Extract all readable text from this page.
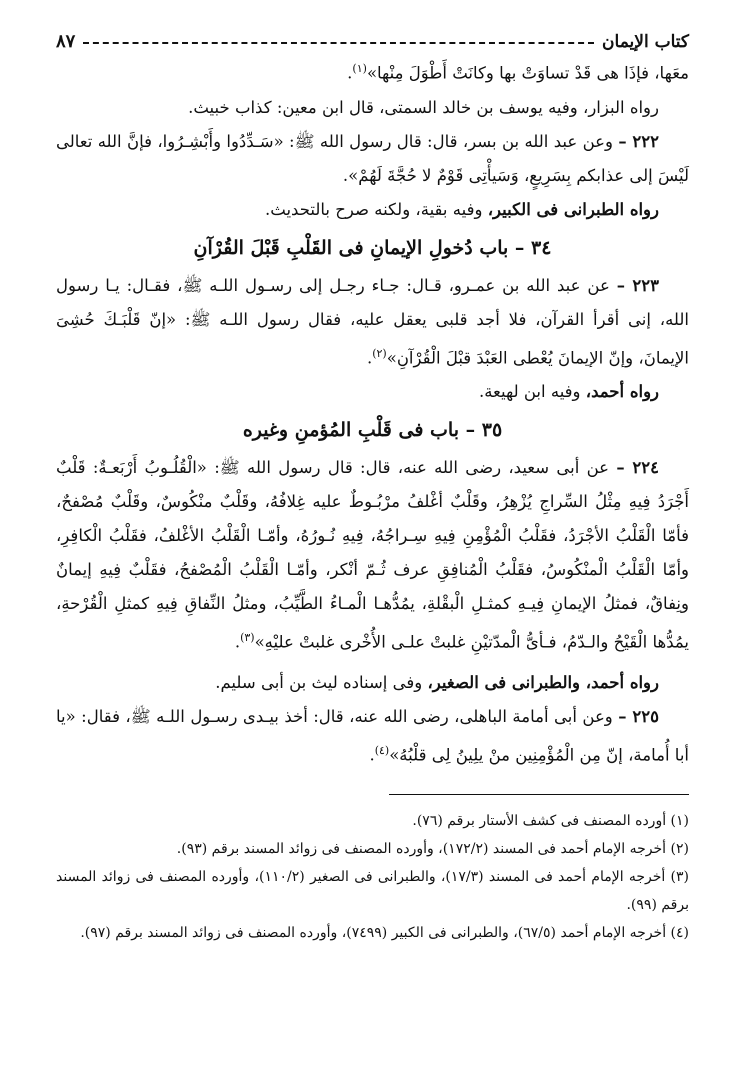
كتاب الإيمان
٨٧

معَها، فإذَا هى قَدْ تساوَتْ بها وكانَتْ أَطْوَلَ مِنْها»$^{(١)}$.

رواه البزار، وفيه يوسف بن خالد السمتى، قال ابن معين: كذاب خبيث.

٢٢٢ – وعن عبد الله بن بسر، قال: قال رسول الله ﷺ: «سَـدِّدُوا وأَبْشِـرُوا، فإنَّ الله تعالى لَيْسَ إلى عذابكم بِسَرِيعٍ، وَسَيأْتِى قَوْمٌ لا حُجَّةَ لَهُمْ».

رواه الطبرانى فى الكبير، وفيه بقية، ولكنه صرح بالتحديث.

٣٤ – باب دُخولِ الإيمانِ فى القَلْبِ قَبْلَ القُرْآنِ

٢٢٣ – عن عبد الله بن عمـرو، قـال: جـاء رجـل إلى رسـول اللـه ﷺ، فقـال: يـا رسول الله، إنى أقرأ القرآن، فلا أجد قلبى يعقل عليه، فقال رسول اللـه ﷺ: «إنّ قَلْبَـكَ حُشِىَ الإيمانَ، وإنّ الإيمانَ يُعْطى العَبْدَ قبْلَ الْقُرْآنِ»$^{(٢)}$.

رواه أحمد، وفيه ابن لهيعة.

٣٥ – باب فى قَلْبِ المُؤمنِ وغيره

٢٢٤ – عن أبى سعيد، رضى الله عنه، قال: قال رسول الله ﷺ: «الْقُلُـوبُ أَرْبَعـةٌ: قَلْبٌ أَجْرَدُ فِيهِ مِثْلُ السِّراجِ يُزْهِرُ، وقَلْبٌ أغْلفُ مرْبُـوطٌ عليه غِلافُهُ، وقَلْبٌ منْكُوسٌ، وقَلْبٌ مُصْفحٌ، فأمّا الْقَلْبُ الأجْرَدُ، فقَلْبُ الْمُؤْمِنِ فِيهِ سِـراجُهُ، فِيهِ نُـورُهُ، وأمّـا الْقَلْبُ الأغْلفُ، فقَلْبُ الْكافِرِ، وأمّا الْقَلْبُ الْمنْكُوسُ، فقَلْبُ الْمُنافِقِ عرف ثُـمّ أنْكر، وأمّـا الْقَلْبُ الْمُصْفحُ، فقَلْبٌ فِيهِ إيمانٌ ونِفاقٌ، فمثلُ الإيمانِ فِيـهِ كمثـلِ الْبقْلةِ، يمُدُّهـا الْمـاءُ الطَّيِّبُ، ومثلُ النِّفاقِ فِيهِ كمثلِ الْقُرْحةِ، يمُدُّها الْقَيْحُ والـدّمُ، فـأىُّ الْمدّتيْنِ غلبتْ علـى الأُخْرى غلبتْ عليْهِ»$^{(٣)}$.

رواه أحمد، والطبرانى فى الصغير، وفى إسناده ليث بن أبى سليم.

٢٢٥ – وعن أبى أمامة الباهلى، رضى الله عنه، قال: أخذ بيـدى رسـول اللـه ﷺ، فقال: «يا أبا أُمامة، إنّ مِن الْمُؤْمِنِين منْ يلِينُ لِى قلْبُهُ»$^{(٤)}$.

(١) أورده المصنف فى كشف الأستار برقم (٧٦).

(٢) أخرجه الإمام أحمد فى المسند (١٧٢/٢)، وأورده المصنف فى زوائد المسند برقم (٩٣).

(٣) أخرجه الإمام أحمد فى المسند (١٧/٣)، والطبرانى فى الصغير (١١٠/٢)، وأورده المصنف فى زوائد المسند برقم (٩٩).

(٤) أخرجه الإمام أحمد (٦٧/٥)، والطبرانى فى الكبير (٧٤٩٩)، وأورده المصنف فى زوائد المسند برقم (٩٧).
